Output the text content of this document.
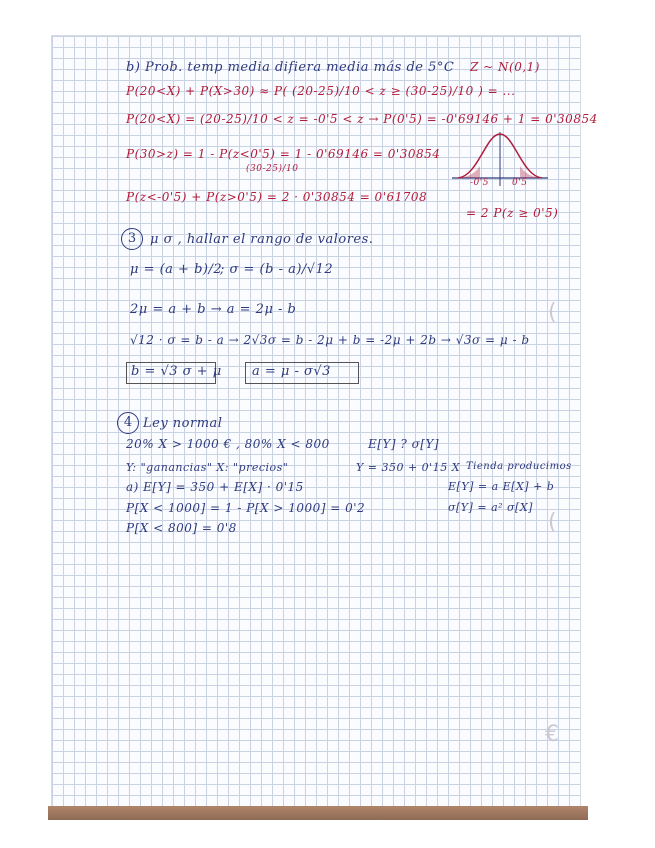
(
(
€
b) Prob. temp media difiera media más de 5°C Z ~ N(0,1)
P(20<X) + P(X>30) ≈ P( (20-25)/10 < z ≥ (30-25)/10 ) = ...
P(20<X) = (20-25)/10 < z = -0'5 < z → P(0'5) = -0'69146 + 1 = 0'30854
P(30>z) = 1 - P(z<0'5) = 1 - 0'69146 = 0'30854
(30-25)/10
P(z<-0'5) + P(z>0'5) = 2 · 0'30854 = 0'61708
-0'5	0'5
= 2 P(z ≥ 0'5)
3	μ σ , hallar el rango de valores.
μ = (a + b)/2
; σ = (b - a)/√12
2μ = a + b → a = 2μ - b
√12 · σ = b - a → 2√3σ = b - 2μ + b = -2μ + 2b → √3σ = μ - b
b = √3 σ + μ a = μ - σ√3
4 Ley normal
20% X > 1000 € , 80% X < 800	E[Y] ? σ[Y]
Y: "ganancias" X: "precios"	Y = 350 + 0'15 X Tienda producimos
a) E[Y] = 350 + E[X] · 0'15	E[Y] = a E[X] + b
P[X < 1000] = 1 - P[X > 1000] = 0'2	σ[Y] = a² σ[X]
P[X < 800] = 0'8
